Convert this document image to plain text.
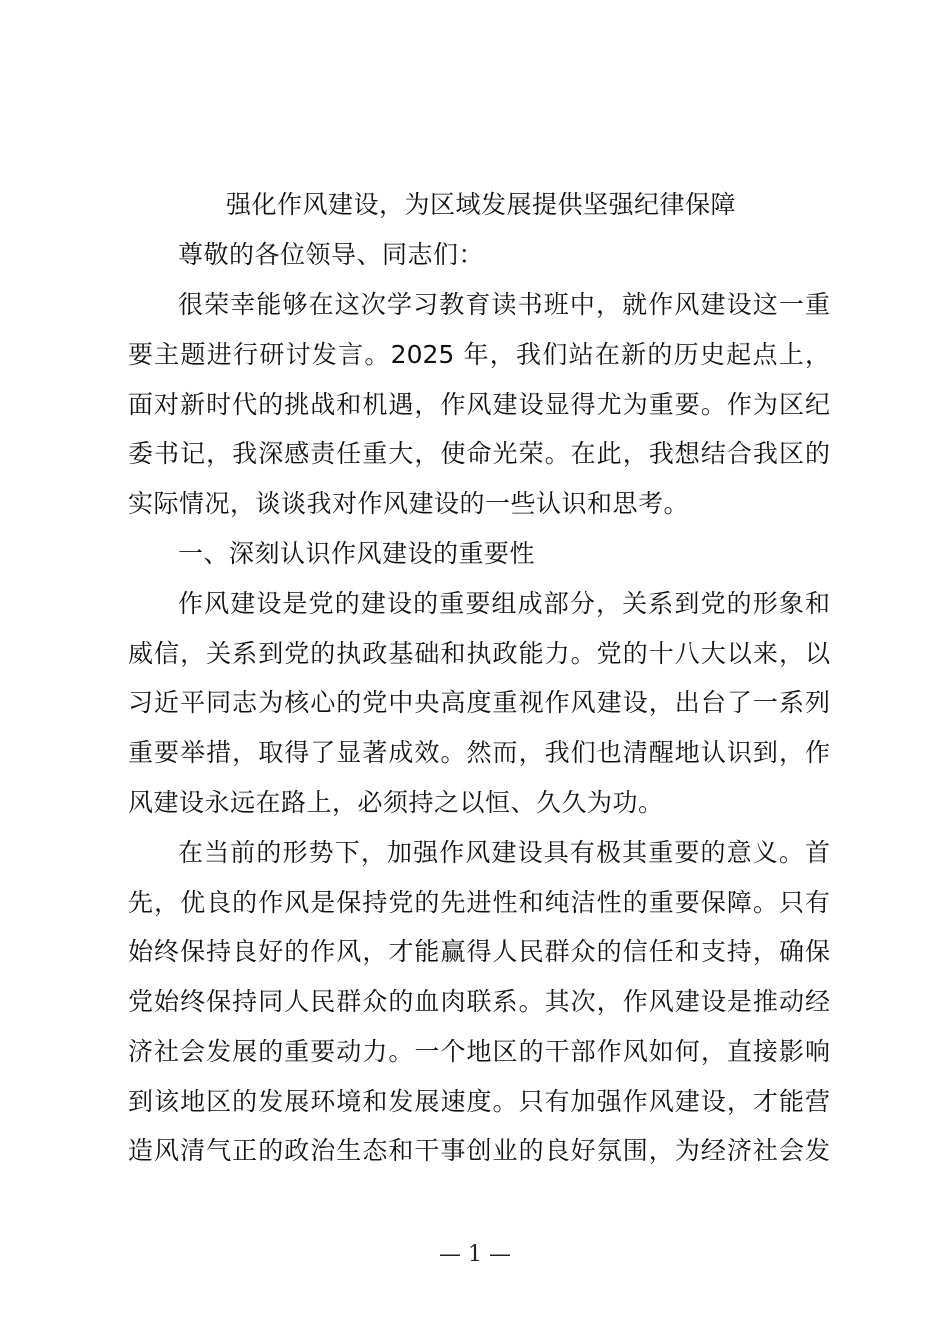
强化作风建设，为区域发展提供坚强纪律保障
尊敬的各位领导、同志们：
很荣幸能够在这次学习教育读书班中，就作风建设这一重
要主题进行研讨发言。2025 年，我们站在新的历史起点上，
面对新时代的挑战和机遇，作风建设显得尤为重要。作为区纪
委书记，我深感责任重大，使命光荣。在此，我想结合我区的
实际情况，谈谈我对作风建设的一些认识和思考。
一、深刻认识作风建设的重要性
作风建设是党的建设的重要组成部分，关系到党的形象和
威信，关系到党的执政基础和执政能力。党的十八大以来，以
习近平同志为核心的党中央高度重视作风建设，出台了一系列
重要举措，取得了显著成效。然而，我们也清醒地认识到，作
风建设永远在路上，必须持之以恒、久久为功。
在当前的形势下，加强作风建设具有极其重要的意义。首
先，优良的作风是保持党的先进性和纯洁性的重要保障。只有
始终保持良好的作风，才能赢得人民群众的信任和支持，确保
党始终保持同人民群众的血肉联系。其次，作风建设是推动经
济社会发展的重要动力。一个地区的干部作风如何，直接影响
到该地区的发展环境和发展速度。只有加强作风建设，才能营
造风清气正的政治生态和干事创业的良好氛围，为经济社会发
— 1 —
